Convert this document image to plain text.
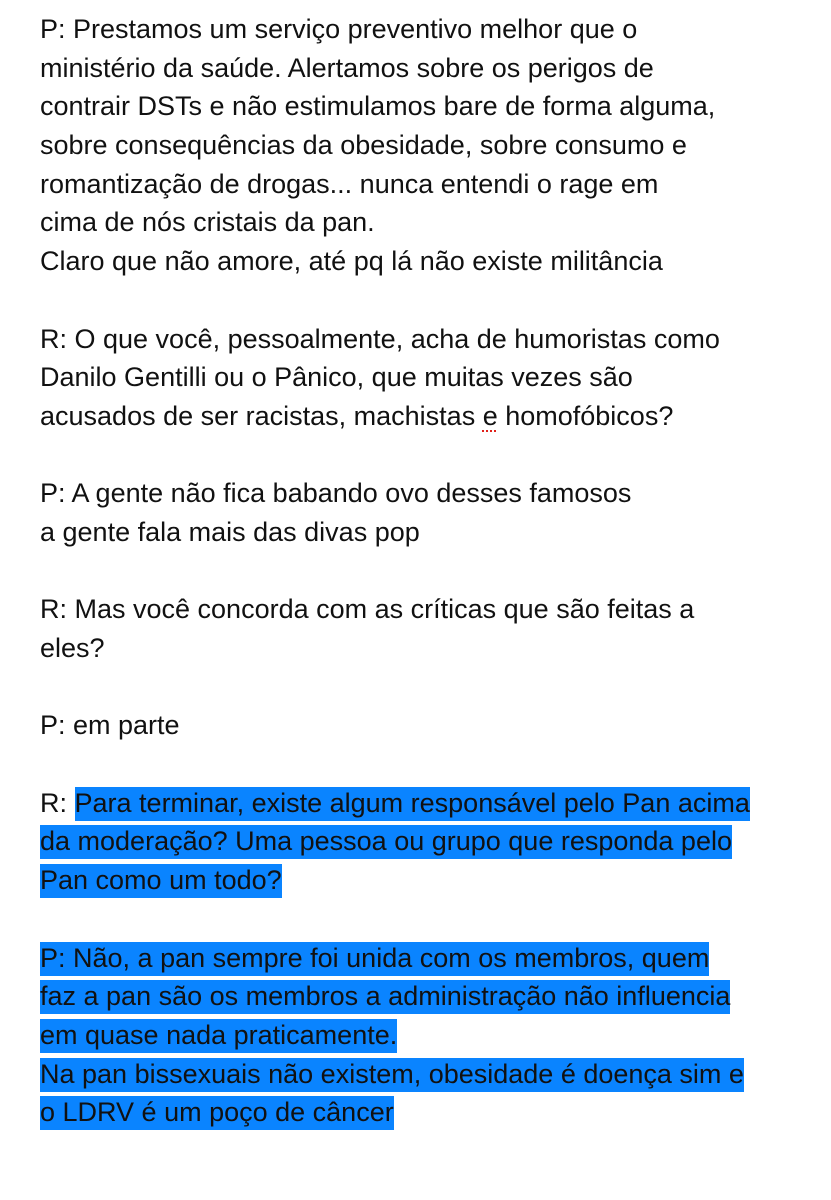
P: Prestamos um serviço preventivo melhor que o
ministério da saúde. Alertamos sobre os perigos de
contrair DSTs e não estimulamos bare de forma alguma,
sobre consequências da obesidade, sobre consumo e
romantização de drogas... nunca entendi o rage em
cima de nós cristais da pan.
Claro que não amore, até pq lá não existe militância
R: O que você, pessoalmente, acha de humoristas como
Danilo Gentilli ou o Pânico, que muitas vezes são
acusados de ser racistas, machistas e homofóbicos?
P: A gente não fica babando ovo desses famosos
a gente fala mais das divas pop
R: Mas você concorda com as críticas que são feitas a
eles?
P: em parte
R: Para terminar, existe algum responsável pelo Pan acima
da moderação? Uma pessoa ou grupo que responda pelo
Pan como um todo?
P: Não, a pan sempre foi unida com os membros, quem
faz a pan são os membros a administração não influencia
em quase nada praticamente.
Na pan bissexuais não existem, obesidade é doença sim e
o LDRV é um poço de câncer
